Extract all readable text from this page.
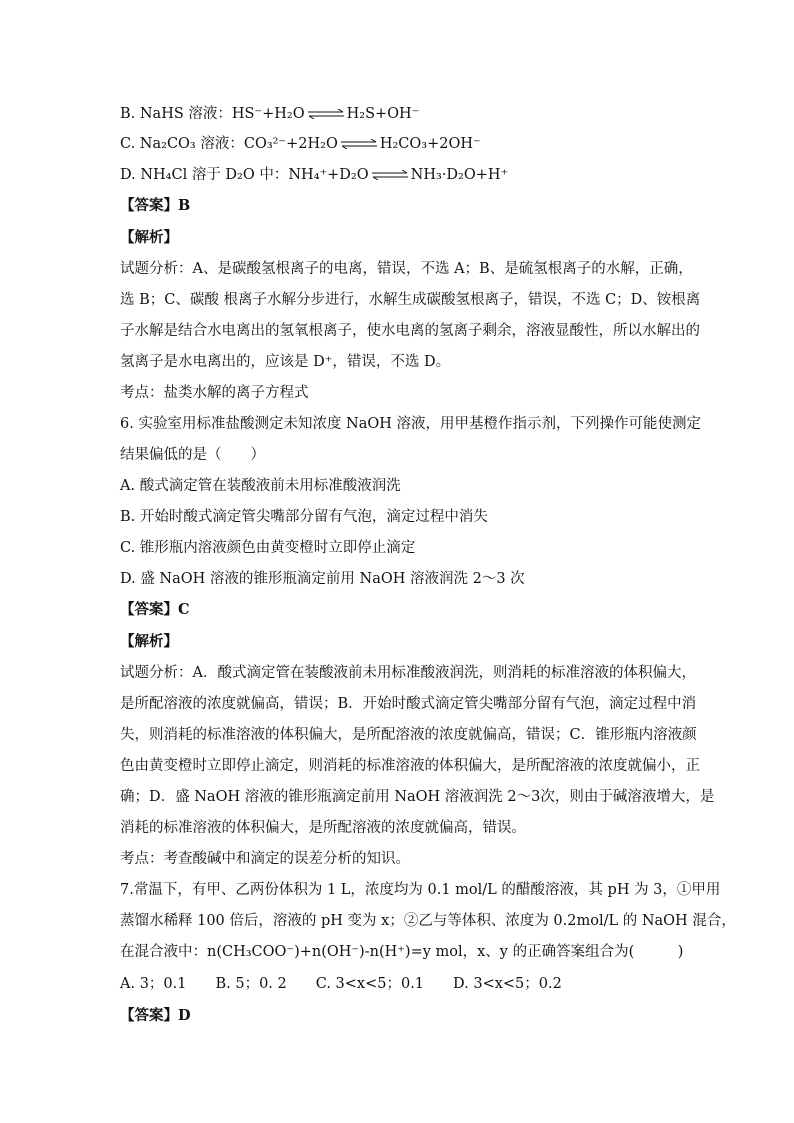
B. NaHS 溶液：HS⁻+H₂O ⇌ H₂S+OH⁻
C. Na₂CO₃ 溶液：CO₃²⁻+2H₂O ⇌ H₂CO₃+2OH⁻
D. NH₄Cl 溶于 D₂O 中：NH₄⁺+D₂O ⇌ NH₃·D₂O+H⁺
【答案】B
【解析】
试题分析：A、是碳酸氢根离子的电离，错误，不选 A；B、是硫氢根离子的水解，正确，
选 B；C、碳酸 根离子水解分步进行，水解生成碳酸氢根离子，错误，不选 C；D、铵根离
子水解是结合水电离出的氢氧根离子，使水电离的氢离子剩余，溶液显酸性，所以水解出的
氢离子是水电离出的，应该是 D⁺，错误，不选 D。
考点：盐类水解的离子方程式
6. 实验室用标准盐酸测定未知浓度 NaOH 溶液，用甲基橙作指示剂，下列操作可能使测定
结果偏低的是（　　）
A. 酸式滴定管在装酸液前未用标准酸液润洗
B. 开始时酸式滴定管尖嘴部分留有气泡，滴定过程中消失
C. 锥形瓶内溶液颜色由黄变橙时立即停止滴定
D. 盛 NaOH 溶液的锥形瓶滴定前用 NaOH 溶液润洗 2～3 次
【答案】C
【解析】
试题分析：A．酸式滴定管在装酸液前未用标准酸液润洗，则消耗的标准溶液的体积偏大，
是所配溶液的浓度就偏高，错误；B．开始时酸式滴定管尖嘴部分留有气泡，滴定过程中消
失，则消耗的标准溶液的体积偏大，是所配溶液的浓度就偏高，错误；C．锥形瓶内溶液颜
色由黄变橙时立即停止滴定，则消耗的标准溶液的体积偏大，是所配溶液的浓度就偏小，正
确；D．盛 NaOH 溶液的锥形瓶滴定前用 NaOH 溶液润洗 2～3次，则由于碱溶液增大，是
消耗的标准溶液的体积偏大，是所配溶液的浓度就偏高，错误。
考点：考查酸碱中和滴定的误差分析的知识。
7.常温下，有甲、乙两份体积为 1 L，浓度均为 0.1 mol/L 的醋酸溶液，其 pH 为 3，①甲用
蒸馏水稀释 100 倍后，溶液的 pH 变为 x；②乙与等体积、浓度为 0.2mol/L 的 NaOH 混合，
在混合液中：n(CH₃COO⁻)+n(OH⁻)-n(H⁺)=y mol，x、y 的正确答案组合为(　　　)
A. 3；0.1　　B. 5；0. 2　　C. 3<x<5；0.1　　D. 3<x<5；0.2
【答案】D
